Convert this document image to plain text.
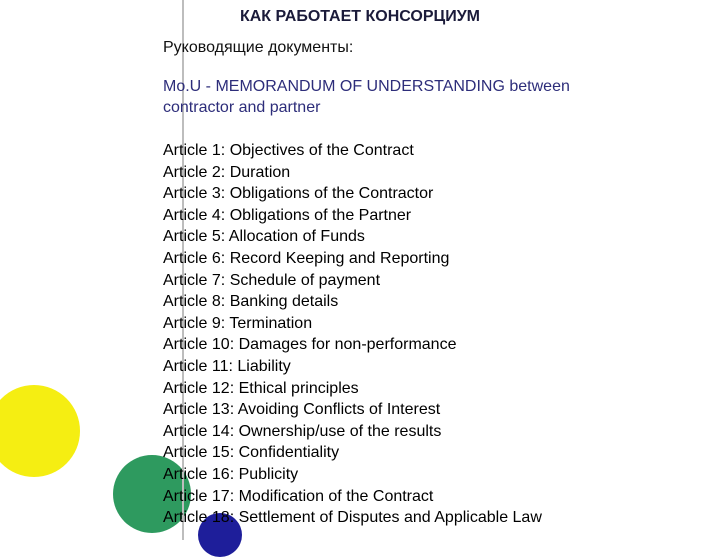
КАК РАБОТАЕТ КОНСОРЦИУМ
Руководящие документы:
Mo.U - MEMORANDUM OF UNDERSTANDING between
contractor and partner
Article 1: Objectives of the Contract
Article 2: Duration
Article 3: Obligations of the Contractor
Article 4: Obligations of the Partner
Article 5: Allocation of Funds
Article 6: Record Keeping and Reporting
Article 7: Schedule of payment
Article 8: Banking details
Article 9: Termination
Article 10: Damages for non-performance
Article 11: Liability
Article 12: Ethical principles
Article 13: Avoiding Conflicts of Interest
Article 14: Ownership/use of the results
Article 15: Confidentiality
Article 16: Publicity
Article 17: Modification of the Contract
Article 18: Settlement of Disputes and Applicable Law
